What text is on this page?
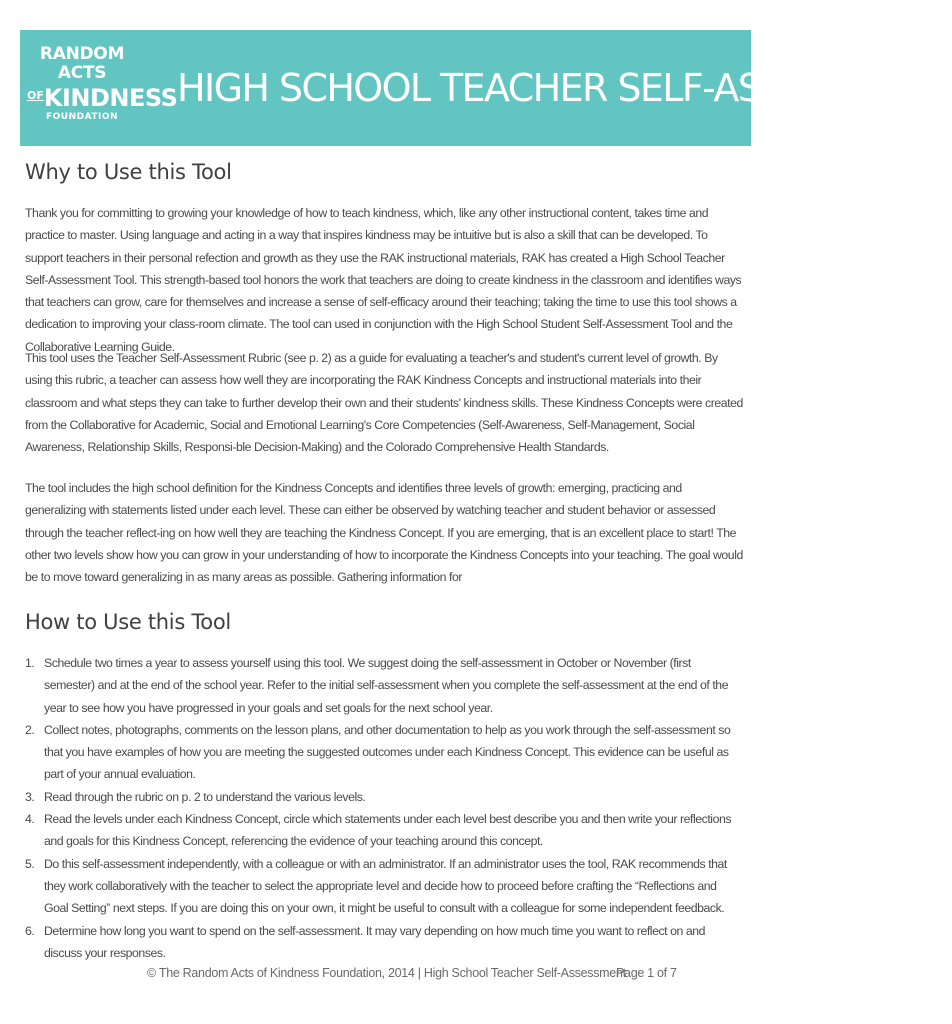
RANDOM ACTS
$^{OF}$KINDNESS
FOUNDATION
HIGH SCHOOL TEACHER SELF-ASSESSMENT
Why to Use this Tool

Thank you for committing to growing your knowledge of how to teach kindness, which, like any other instructional content, takes time and practice to master. Using language and acting in a way that inspires kindness may be intuitive but is also a skill that can be developed. To support teachers in their personal refection and growth as they use the RAK instructional materials, RAK has created a High School Teacher Self-Assessment Tool. This strength-based tool honors the work that teachers are doing to create kindness in the classroom and identifies ways that teachers can grow, care for themselves and increase a sense of self-efficacy around their teaching; taking the time to use this tool shows a dedication to improving your class-room climate. The tool can used in conjunction with the High School Student Self-Assessment Tool and the Collaborative Learning Guide.

This tool uses the Teacher Self-Assessment Rubric (see p. 2) as a guide for evaluating a teacher's and student's current level of growth. By using this rubric, a teacher can assess how well they are incorporating the RAK Kindness Concepts and instructional materials into their classroom and what steps they can take to further develop their own and their students' kindness skills. These Kindness Concepts were created from the Collaborative for Academic, Social and Emotional Learning's Core Competencies (Self-Awareness, Self-Management, Social Awareness, Relationship Skills, Responsi-ble Decision-Making) and the Colorado Comprehensive Health Standards.

The tool includes the high school definition for the Kindness Concepts and identifies three levels of growth: emerging, practicing and generalizing with statements listed under each level. These can either be observed by watching teacher and student behavior or assessed through the teacher reflect-ing on how well they are teaching the Kindness Concept. If you are emerging, that is an excellent place to start! The other two levels show how you can grow in your understanding of how to incorporate the Kindness Concepts into your teaching. The goal would be to move toward generalizing in as many areas as possible. Gathering information for

How to Use this Tool
1. Schedule two times a year to assess yourself using this tool. We suggest doing the self-assessment in October or November (first semester) and at the end of the school year. Refer to the initial self-assessment when you complete the self-assessment at the end of the year to see how you have progressed in your goals and set goals for the next school year.
2. Collect notes, photographs, comments on the lesson plans, and other documentation to help as you work through the self-assessment so that you have examples of how you are meeting the suggested outcomes under each Kindness Concept. This evidence can be useful as part of your annual evaluation.
3. Read through the rubric on p. 2 to understand the various levels.
4. Read the levels under each Kindness Concept, circle which statements under each level best describe you and then write your reflections and goals for this Kindness Concept, referencing the evidence of your teaching around this concept.
5. Do this self-assessment independently, with a colleague or with an administrator. If an administrator uses the tool, RAK recommends that they work collaboratively with the teacher to select the appropriate level and decide how to proceed before crafting the “Reflections and Goal Setting” next steps. If you are doing this on your own, it might be useful to consult with a colleague for some independent feedback.
6. Determine how long you want to spend on the self-assessment. It may vary depending on how much time you want to reflect on and discuss your responses.
© The Random Acts of Kindness Foundation, 2014 | High School Teacher Self-Assessment
Page 1 of 7
